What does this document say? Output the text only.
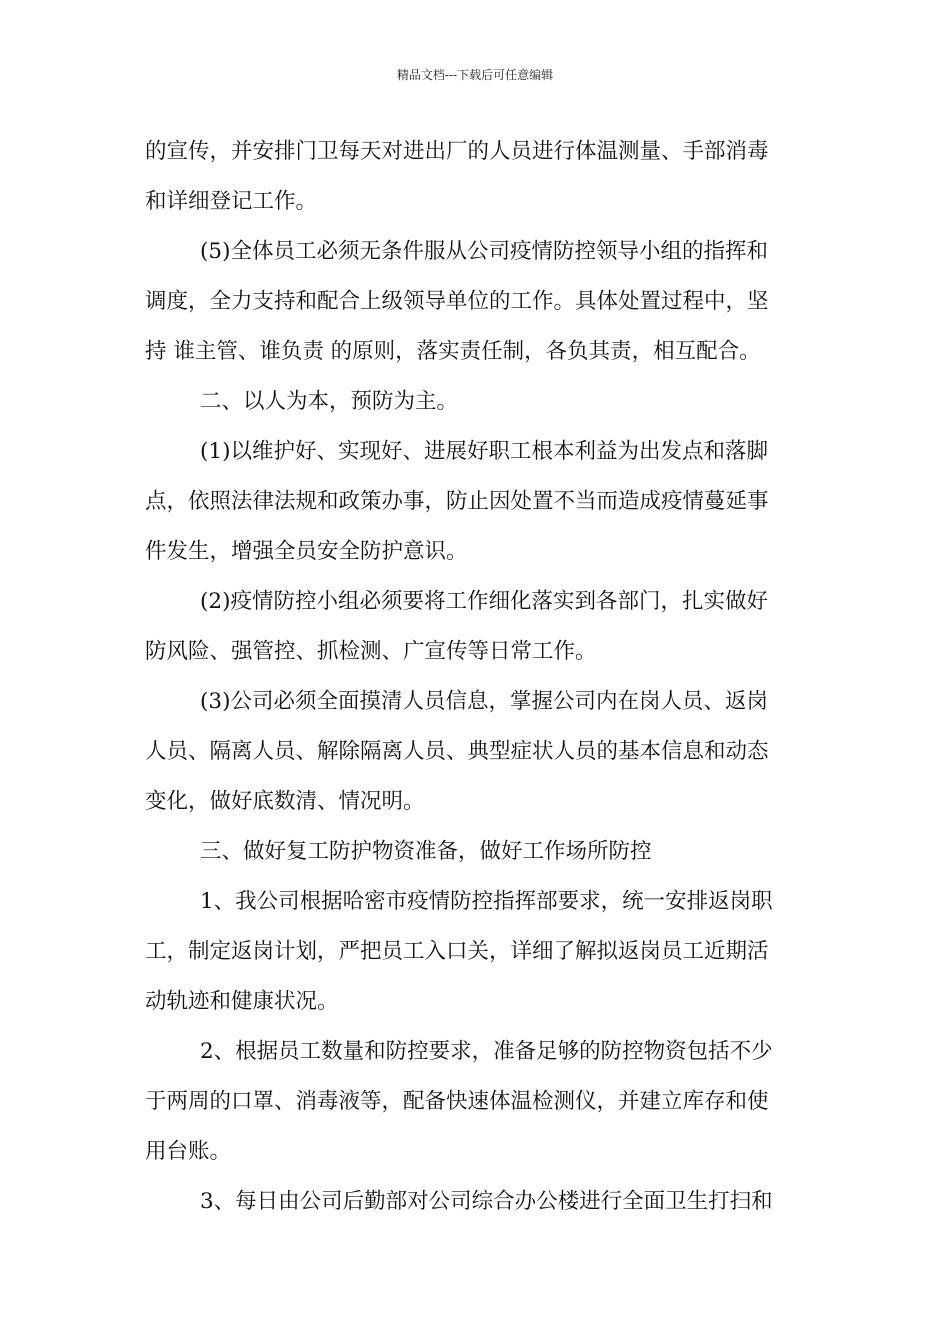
精品文档---下载后可任意编辑
的宣传，并安排门卫每天对进出厂的人员进行体温测量、手部消毒
和详细登记工作。
(5)全体员工必须无条件服从公司疫情防控领导小组的指挥和
调度，全力支持和配合上级领导单位的工作。具体处置过程中，坚
持 谁主管、谁负责 的原则，落实责任制，各负其责，相互配合。
二、以人为本，预防为主。
(1)以维护好、实现好、进展好职工根本利益为出发点和落脚
点，依照法律法规和政策办事，防止因处置不当而造成疫情蔓延事
件发生，增强全员安全防护意识。
(2)疫情防控小组必须要将工作细化落实到各部门，扎实做好
防风险、强管控、抓检测、广宣传等日常工作。
(3)公司必须全面摸清人员信息，掌握公司内在岗人员、返岗
人员、隔离人员、解除隔离人员、典型症状人员的基本信息和动态
变化，做好底数清、情况明。
三、做好复工防护物资准备，做好工作场所防控
1、我公司根据哈密市疫情防控指挥部要求，统一安排返岗职
工，制定返岗计划，严把员工入口关，详细了解拟返岗员工近期活
动轨迹和健康状况。
2、根据员工数量和防控要求，准备足够的防控物资包括不少
于两周的口罩、消毒液等，配备快速体温检测仪，并建立库存和使
用台账。
3、每日由公司后勤部对公司综合办公楼进行全面卫生打扫和
